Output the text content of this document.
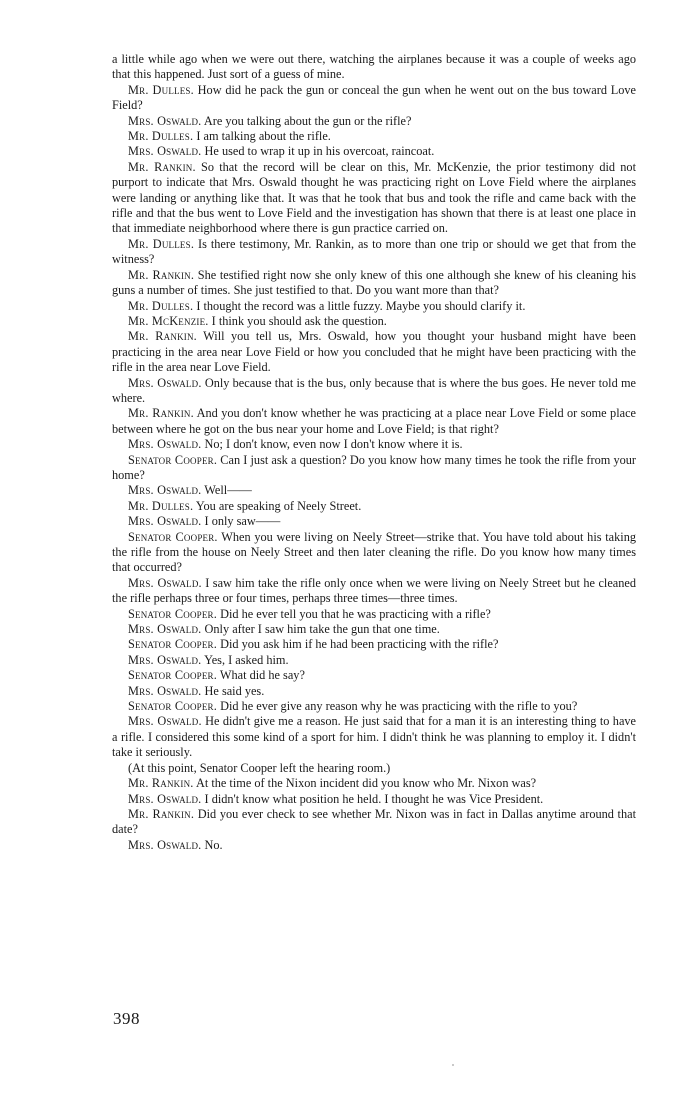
a little while ago when we were out there, watching the airplanes because it was a couple of weeks ago that this happened. Just sort of a guess of mine.

Mr. Dulles. How did he pack the gun or conceal the gun when he went out on the bus toward Love Field?

Mrs. Oswald. Are you talking about the gun or the rifle?

Mr. Dulles. I am talking about the rifle.

Mrs. Oswald. He used to wrap it up in his overcoat, raincoat.

Mr. Rankin. So that the record will be clear on this, Mr. McKenzie, the prior testimony did not purport to indicate that Mrs. Oswald thought he was practicing right on Love Field where the airplanes were landing or anything like that. It was that he took that bus and took the rifle and came back with the rifle and that the bus went to Love Field and the investigation has shown that there is at least one place in that immediate neighborhood where there is gun practice carried on.

Mr. Dulles. Is there testimony, Mr. Rankin, as to more than one trip or should we get that from the witness?

Mr. Rankin. She testified right now she only knew of this one although she knew of his cleaning his guns a number of times. She just testified to that. Do you want more than that?

Mr. Dulles. I thought the record was a little fuzzy. Maybe you should clarify it.

Mr. McKenzie. I think you should ask the question.

Mr. Rankin. Will you tell us, Mrs. Oswald, how you thought your husband might have been practicing in the area near Love Field or how you concluded that he might have been practicing with the rifle in the area near Love Field.

Mrs. Oswald. Only because that is the bus, only because that is where the bus goes. He never told me where.

Mr. Rankin. And you don't know whether he was practicing at a place near Love Field or some place between where he got on the bus near your home and Love Field; is that right?

Mrs. Oswald. No; I don't know, even now I don't know where it is.

Senator Cooper. Can I just ask a question? Do you know how many times he took the rifle from your home?

Mrs. Oswald. Well——

Mr. Dulles. You are speaking of Neely Street.

Mrs. Oswald. I only saw——

Senator Cooper. When you were living on Neely Street—strike that. You have told about his taking the rifle from the house on Neely Street and then later cleaning the rifle. Do you know how many times that occurred?

Mrs. Oswald. I saw him take the rifle only once when we were living on Neely Street but he cleaned the rifle perhaps three or four times, perhaps three times—three times.

Senator Cooper. Did he ever tell you that he was practicing with a rifle?

Mrs. Oswald. Only after I saw him take the gun that one time.

Senator Cooper. Did you ask him if he had been practicing with the rifle?

Mrs. Oswald. Yes, I asked him.

Senator Cooper. What did he say?

Mrs. Oswald. He said yes.

Senator Cooper. Did he ever give any reason why he was practicing with the rifle to you?

Mrs. Oswald. He didn't give me a reason. He just said that for a man it is an interesting thing to have a rifle. I considered this some kind of a sport for him. I didn't think he was planning to employ it. I didn't take it seriously.

(At this point, Senator Cooper left the hearing room.)

Mr. Rankin. At the time of the Nixon incident did you know who Mr. Nixon was?

Mrs. Oswald. I didn't know what position he held. I thought he was Vice President.

Mr. Rankin. Did you ever check to see whether Mr. Nixon was in fact in Dallas anytime around that date?

Mrs. Oswald. No.

398
